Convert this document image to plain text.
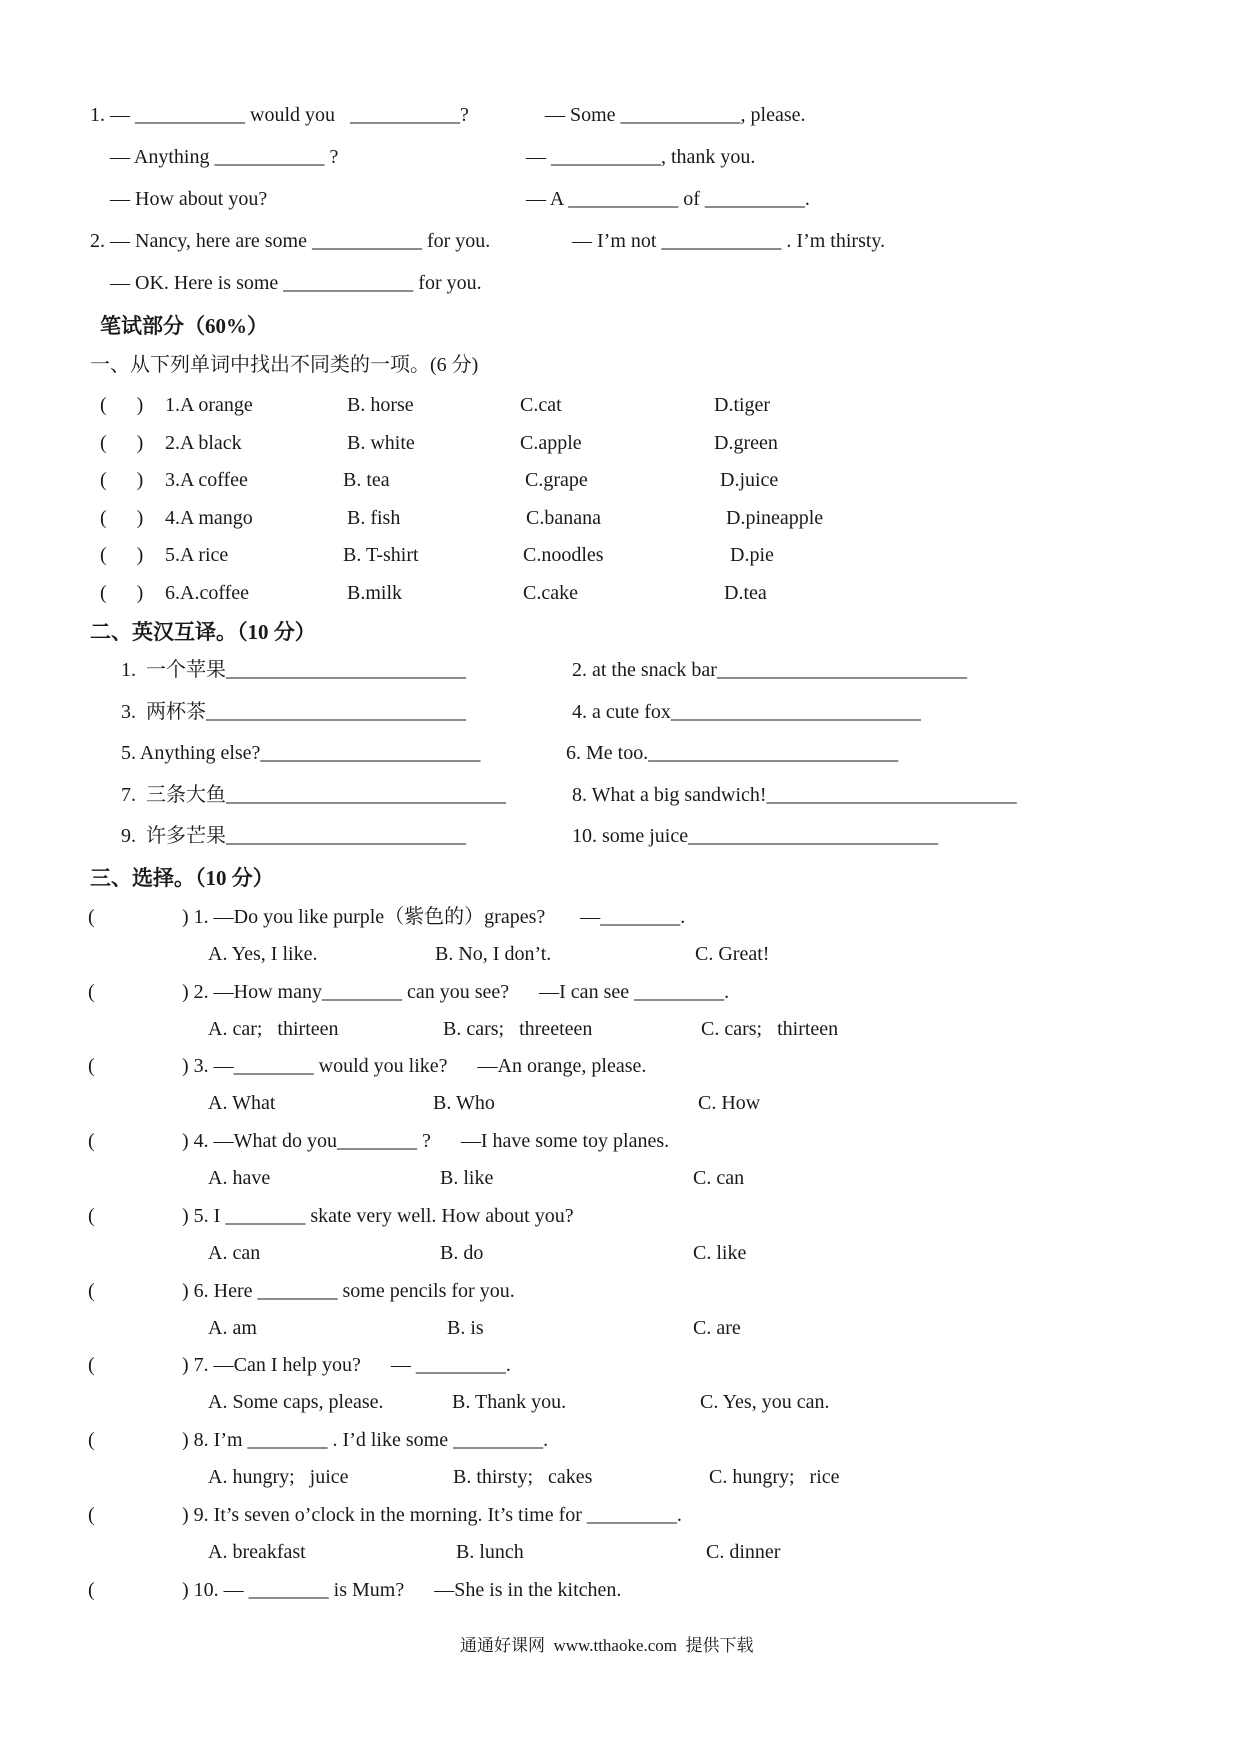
1. — ___________ would you   ___________?	— Some ____________, please.
— Anything ___________ ?	— ___________, thank you.
— How about you?	— A ___________ of __________.
2. — Nancy, here are some ___________ for you.	— I’m not ____________ . I’m thirsty.
— OK. Here is some _____________ for you.
笔试部分（60%）
一、从下列单词中找出不同类的一项。(6 分)
(      ) 1.A orange	B. horse	C.cat	D.tiger
(      ) 2.A black	B. white	C.apple	D.green
(      ) 3.A coffee	B. tea	C.grape	D.juice
(      ) 4.A mango	B. fish	C.banana	D.pineapple
(      ) 5.A rice	B. T-shirt	C.noodles	D.pie
(      ) 6.A.coffee	B.milk	C.cake	D.tea
二、英汉互译。（10 分）
1.  一个苹果________________________	2. at the snack bar_________________________
3.  两杯茶__________________________	4. a cute fox_________________________
5. Anything else?______________________	6. Me too._________________________
7.  三条大鱼____________________________	8. What a big sandwich!_________________________
9.  许多芒果________________________	10. some juice_________________________
三、选择。（10 分）
(	) 1. —Do you like purple（紫色的）grapes?       —________.
A. Yes, I like.	B. No, I don’t.	C. Great!
(	) 2. —How many________ can you see?      —I can see _________.
A. car;   thirteen	B. cars;   threeteen	C. cars;   thirteen
(	) 3. —________ would you like?      —An orange, please.
A. What	B. Who	C. How
(	) 4. —What do you________ ?      —I have some toy planes.
A. have	B. like	C. can
(	) 5. I ________ skate very well. How about you?
A. can	B. do	C. like
(	) 6. Here ________ some pencils for you.
A. am	B. is	C. are
(	) 7. —Can I help you?      — _________.
A. Some caps, please.	B. Thank you.	C. Yes, you can.
(	) 8. I’m ________ . I’d like some _________.
A. hungry;   juice	B. thirsty;   cakes	C. hungry;   rice
(	) 9. It’s seven o’clock in the morning. It’s time for _________.
A. breakfast	B. lunch	C. dinner
(	) 10. — ________ is Mum?      —She is in the kitchen.
通通好课网  www.tthaoke.com  提供下载
